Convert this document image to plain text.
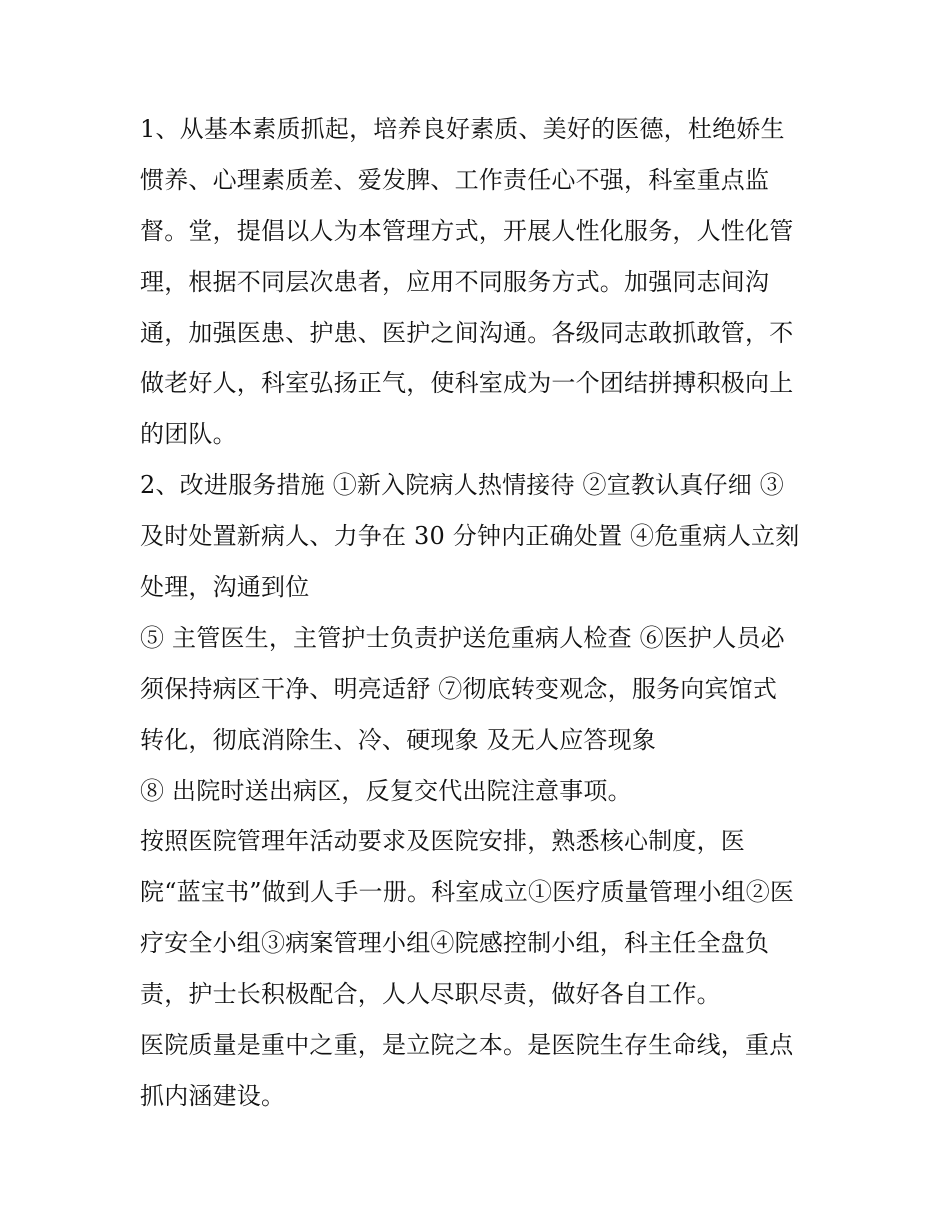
1、从基本素质抓起，培养良好素质、美好的医德，杜绝娇生
惯养、心理素质差、爱发脾、工作责任心不强，科室重点监
督。堂，提倡以人为本管理方式，开展人性化服务，人性化管
理，根据不同层次患者，应用不同服务方式。加强同志间沟
通，加强医患、护患、医护之间沟通。各级同志敢抓敢管，不
做老好人，科室弘扬正气，使科室成为一个团结拼搏积极向上
的团队。
2、改进服务措施 ①新入院病人热情接待 ②宣教认真仔细 ③
及时处置新病人、力争在 30 分钟内正确处置 ④危重病人立刻
处理，沟通到位
⑤ 主管医生，主管护士负责护送危重病人检查 ⑥医护人员必
须保持病区干净、明亮适舒 ⑦彻底转变观念，服务向宾馆式
转化，彻底消除生、冷、硬现象 及无人应答现象
⑧ 出院时送出病区，反复交代出院注意事项。
按照医院管理年活动要求及医院安排，熟悉核心制度，医
院“蓝宝书”做到人手一册。科室成立①医疗质量管理小组②医
疗安全小组③病案管理小组④院感控制小组，科主任全盘负
责，护士长积极配合，人人尽职尽责，做好各自工作。
医院质量是重中之重，是立院之本。是医院生存生命线，重点
抓内涵建设。
